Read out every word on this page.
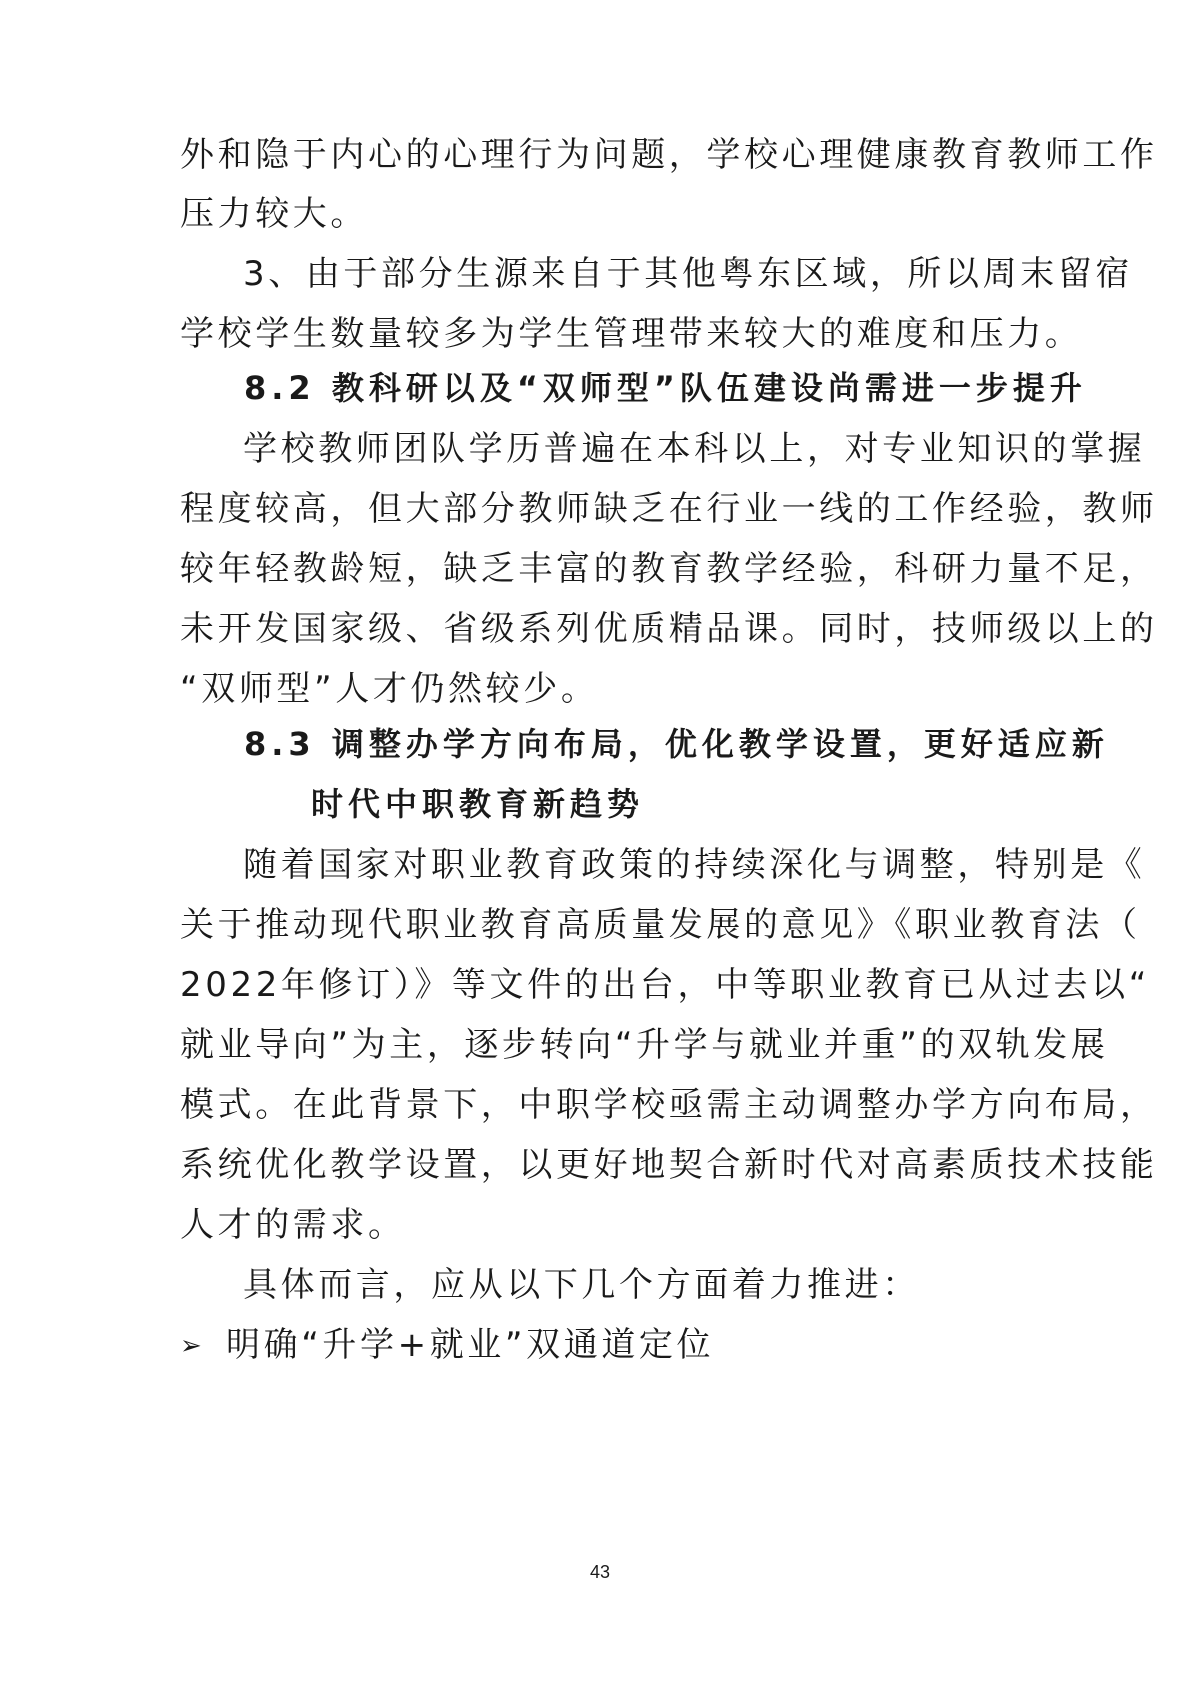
外和隐于内心的心理行为问题，学校心理健康教育教师工作
压力较大。
3、由于部分生源来自于其他粤东区域，所以周末留宿
学校学生数量较多为学生管理带来较大的难度和压力。
8.2 教科研以及“双师型”队伍建设尚需进一步提升
学校教师团队学历普遍在本科以上，对专业知识的掌握
程度较高，但大部分教师缺乏在行业一线的工作经验，教师
较年轻教龄短，缺乏丰富的教育教学经验，科研力量不足，
未开发国家级、省级系列优质精品课。同时，技师级以上的
“双师型”人才仍然较少。
8.3 调整办学方向布局，优化教学设置，更好适应新
时代中职教育新趋势
随着国家对职业教育政策的持续深化与调整，特别是《
关于推动现代职业教育高质量发展的意见》《职业教育法（
2022年修订）》等文件的出台，中等职业教育已从过去以“
就业导向”为主，逐步转向“升学与就业并重”的双轨发展
模式。在此背景下，中职学校亟需主动调整办学方向布局，
系统优化教学设置，以更好地契合新时代对高素质技术技能
人才的需求。
具体而言，应从以下几个方面着力推进：
➢ 明确“升学+就业”双通道定位
43
